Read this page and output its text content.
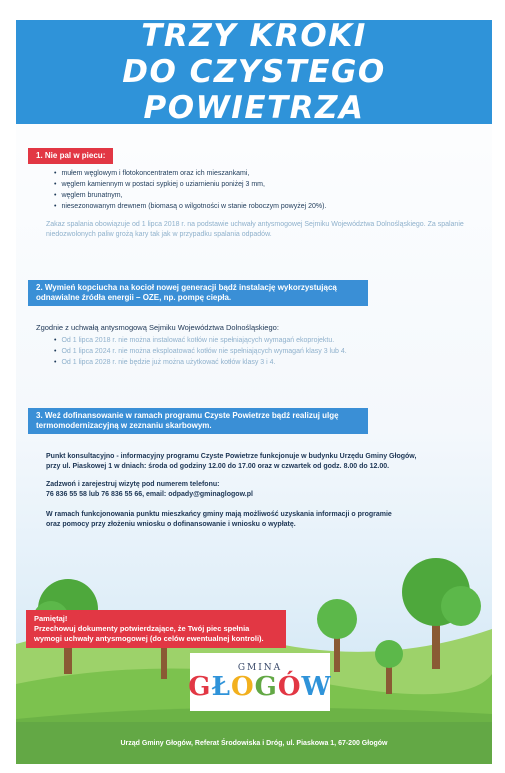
TRZY KROKI
DO CZYSTEGO POWIETRZA
1. Nie pal w piecu:
• mułem węglowym i flotokoncentratem oraz ich mieszankami,
• węglem kamiennym w postaci sypkiej o uziarnieniu poniżej 3 mm,
• węglem brunatnym,
• niesezonowanym drewnem (biomasą o wilgotności w stanie roboczym powyżej 20%).
Zakaz spalania obowiązuje od 1 lipca 2018 r. na podstawie uchwały antysmogowej Sejmiku Województwa Dolnośląskiego. Za spalanie niedozwolonych paliw grożą kary tak jak w przypadku spalania odpadów.
2. Wymień kopciucha na kocioł nowej generacji bądź instalację wykorzystującą
odnawialne źródła energii – OZE, np. pompę ciepła.
Zgodnie z uchwałą antysmogową Sejmiku Województwa Dolnośląskiego:
• Od 1 lipca 2018 r. nie można instalować kotłów nie spełniających wymagań ekoprojektu.
• Od 1 lipca 2024 r. nie można eksploatować kotłów nie spełniających wymagań klasy 3 lub 4.
• Od 1 lipca 2028 r. nie będzie już można użytkować kotłów klasy 3 i 4.
3. Weź dofinansowanie w ramach programu Czyste Powietrze bądź realizuj ulgę
termomodernizacyjną w zeznaniu skarbowym.
Punkt konsultacyjno - informacyjny programu Czyste Powietrze funkcjonuje w budynku Urzędu Gminy Głogów,
przy ul. Piaskowej 1 w dniach: środa od godziny 12.00 do 17.00 oraz w czwartek od godz. 8.00 do 12.00.
Zadzwoń i zarejestruj wizytę pod numerem telefonu:
76 836 55 58 lub 76 836 55 66, email: odpady@gminaglogow.pl
W ramach funkcjonowania punktu mieszkańcy gminy mają możliwość uzyskania informacji o programie
oraz pomocy przy złożeniu wniosku o dofinansowanie i wniosku o wypłatę.
Pamiętaj!
Przechowuj dokumenty potwierdzające, że Twój piec spełnia
wymogi uchwały antysmogowej (do celów ewentualnej kontroli).
GMINA
GŁOGÓW
Urząd Gminy Głogów, Referat Środowiska i Dróg, ul. Piaskowa 1, 67-200 Głogów
